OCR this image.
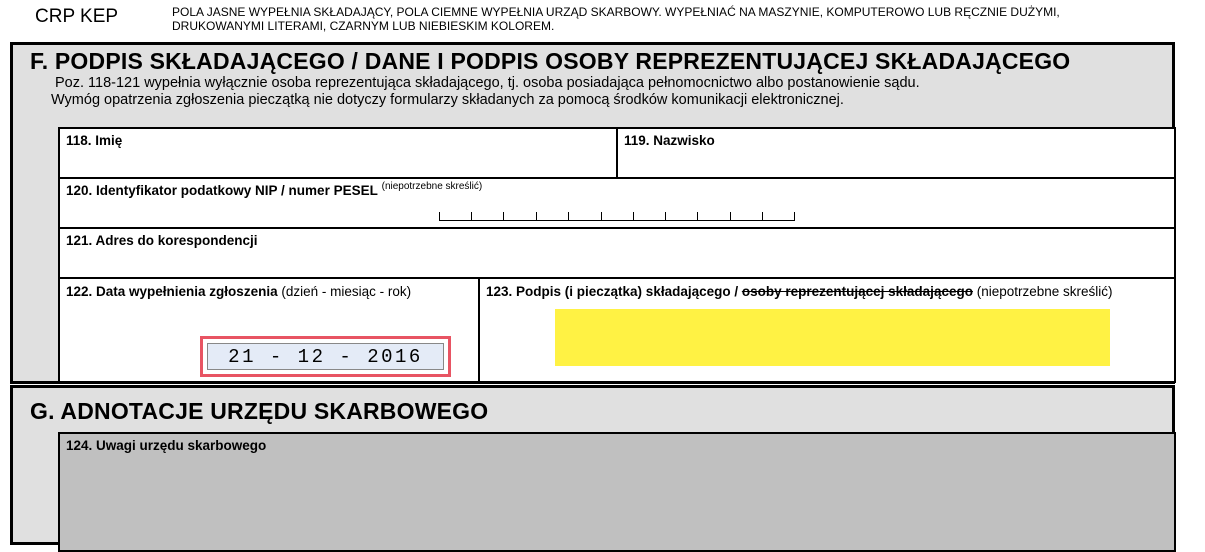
CRP KEP	POLA JASNE WYPEŁNIA SKŁADAJĄCY, POLA CIEMNE WYPEŁNIA URZĄD SKARBOWY. WYPEŁNIAĆ NA MASZYNIE, KOMPUTEROWO LUB RĘCZNIE DUŻYMI,
DRUKOWANYMI LITERAMI, CZARNYM LUB NIEBIESKIM KOLOREM.
F. PODPIS SKŁADAJĄCEGO / DANE I PODPIS OSOBY REPREZENTUJĄCEJ SKŁADAJĄCEGO
Poz. 118-121 wypełnia wyłącznie osoba reprezentująca składającego, tj. osoba posiadająca pełnomocnictwo albo postanowienie sądu.
Wymóg opatrzenia zgłoszenia pieczątką nie dotyczy formularzy składanych za pomocą środków komunikacji elektronicznej.
118. Imię	119. Nazwisko
120. Identyfikator podatkowy NIP / numer PESEL $^{(niepotrzebne skreślić)}$
121. Adres do korespondencji
122. Data wypełnienia zgłoszenia (dzień - miesiąc - rok)
21 - 12 - 2016
123. Podpis (i pieczątka) składającego / osoby reprezentującej składającego (niepotrzebne skreślić)
G. ADNOTACJE URZĘDU SKARBOWEGO
124. Uwagi urzędu skarbowego
